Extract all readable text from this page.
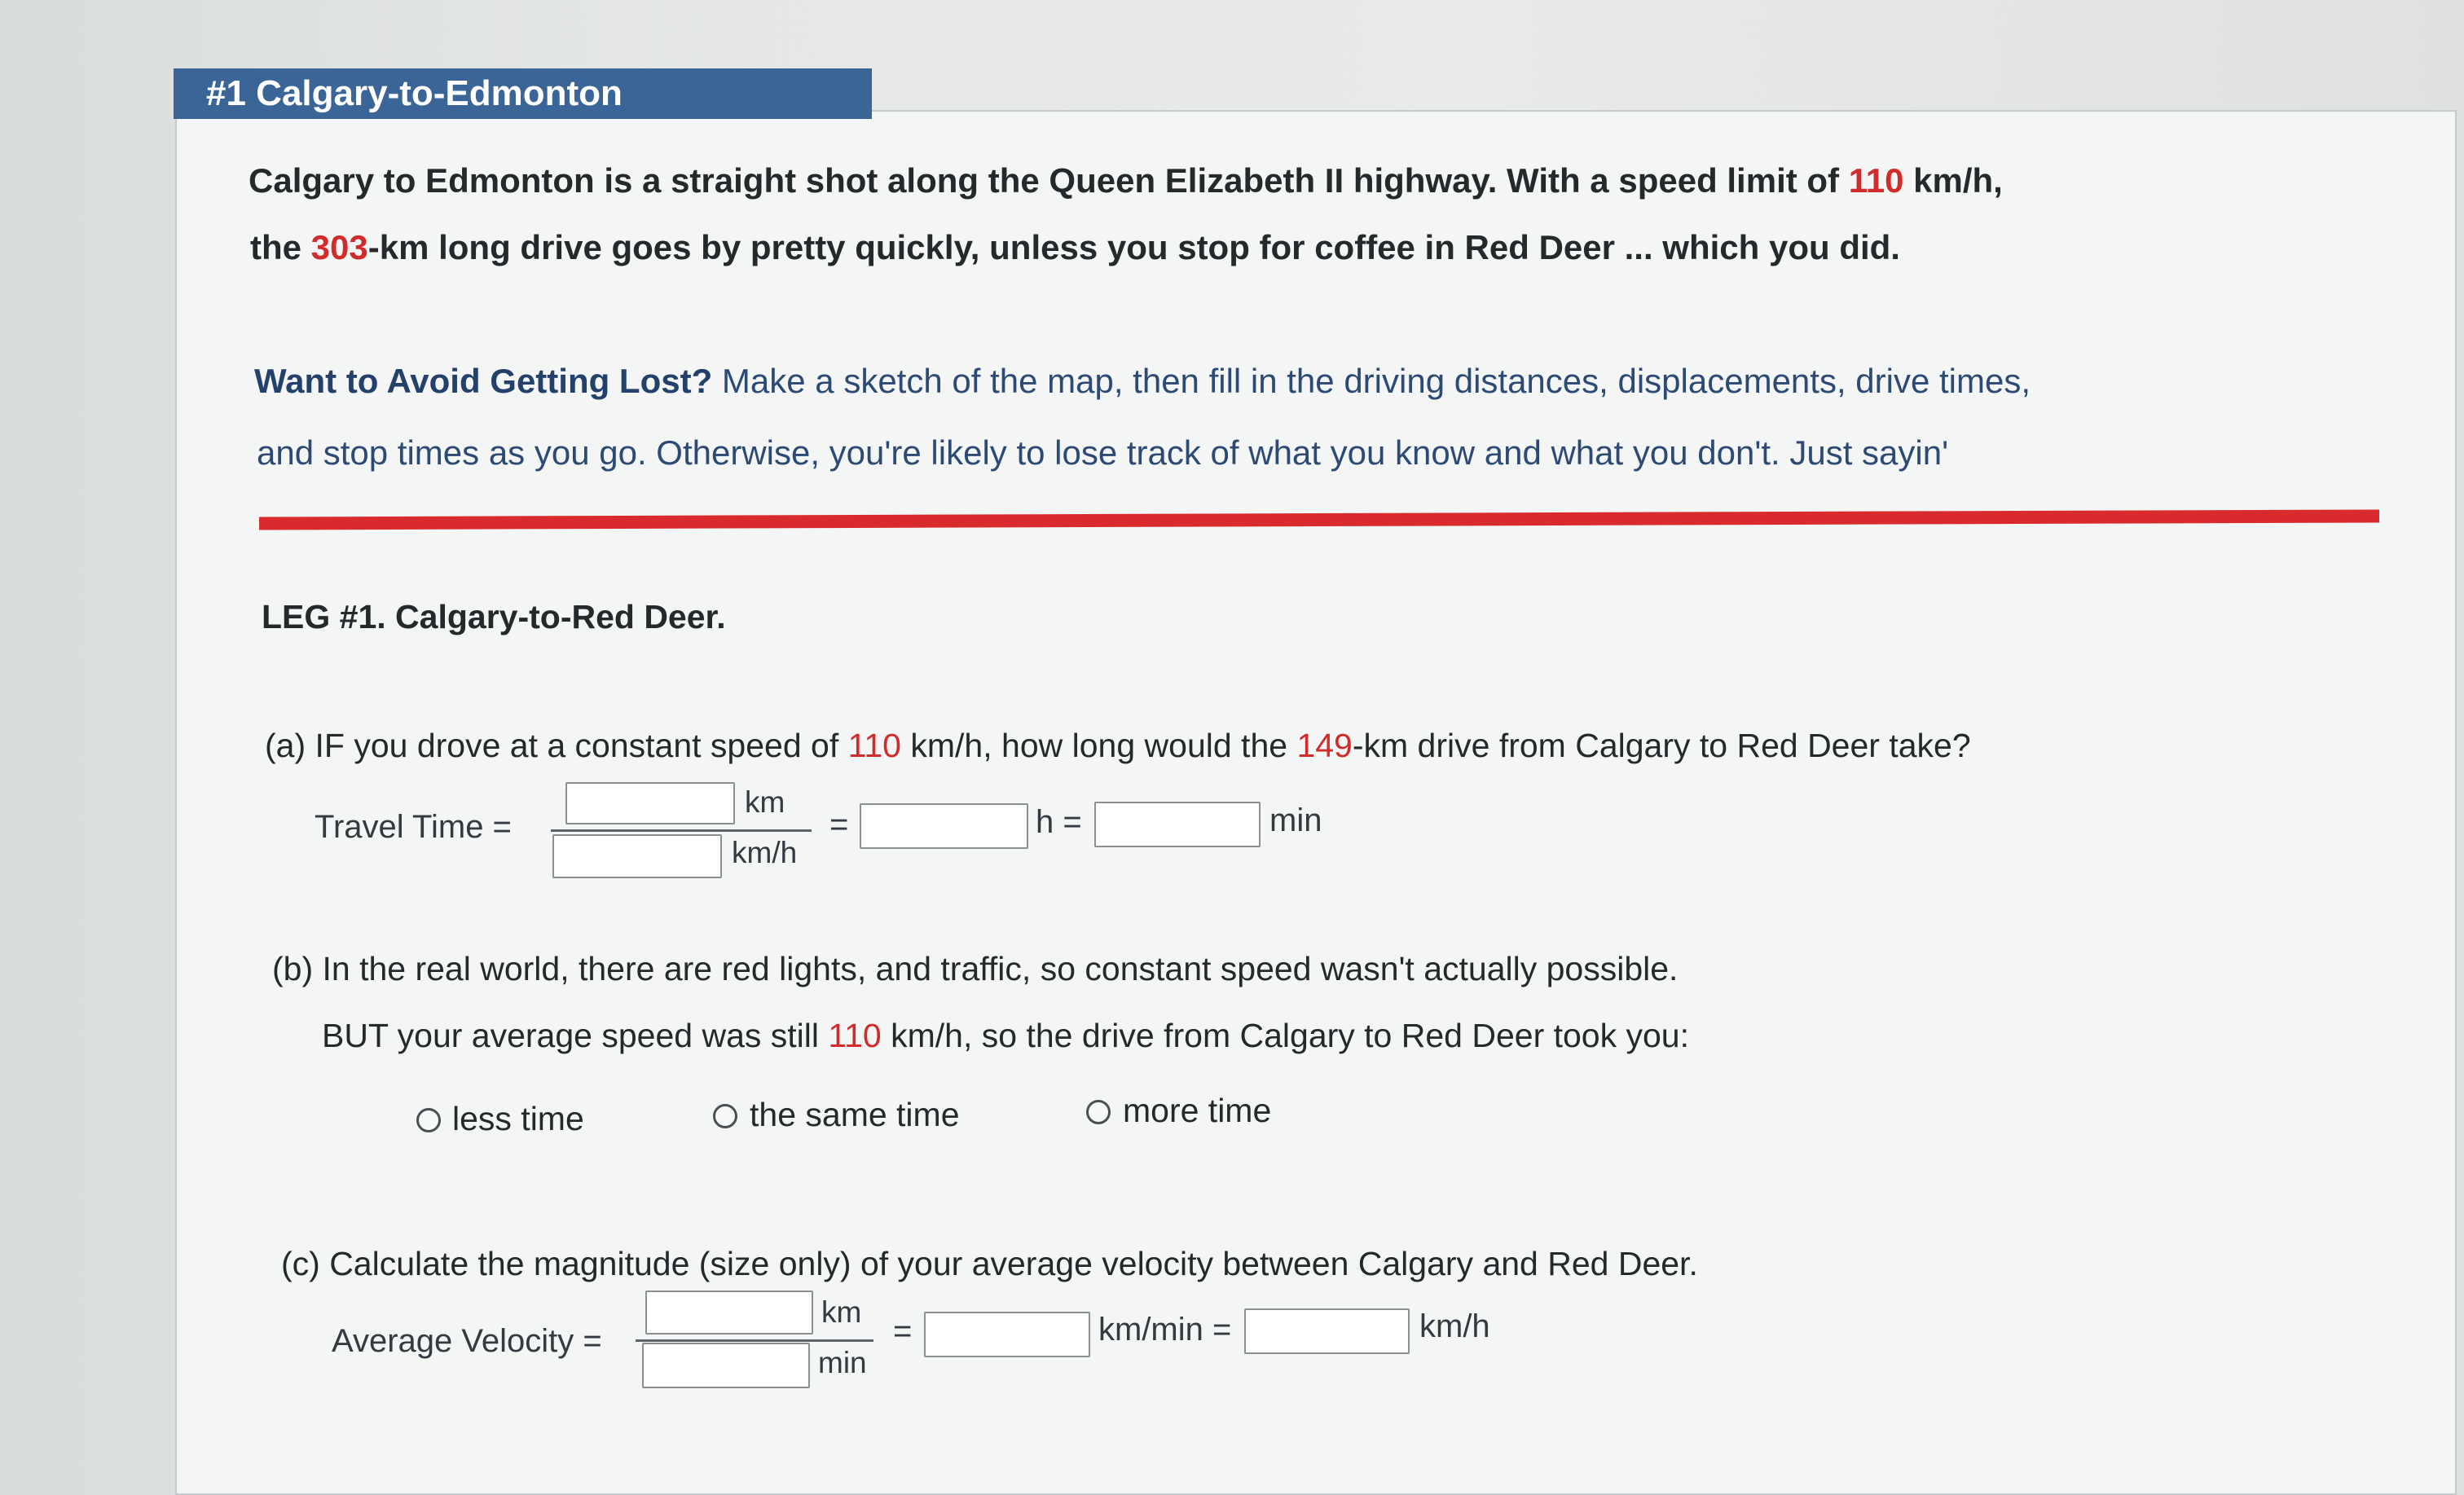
#1 Calgary-to-Edmonton
Calgary to Edmonton is a straight shot along the Queen Elizabeth II highway. With a speed limit of 110 km/h,
the 303-km long drive goes by pretty quickly, unless you stop for coffee in Red Deer ... which you did.
Want to Avoid Getting Lost? Make a sketch of the map, then fill in the driving distances, displacements, drive times,
and stop times as you go. Otherwise, you're likely to lose track of what you know and what you don't. Just sayin'
LEG #1. Calgary-to-Red Deer.
(a) IF you drove at a constant speed of 110 km/h, how long would the 149-km drive from Calgary to Red Deer take?
Travel Time =
km
km/h
=	h =	min
(b) In the real world, there are red lights, and traffic, so constant speed wasn't actually possible.
BUT your average speed was still 110 km/h, so the drive from Calgary to Red Deer took you:
less time	the same time	more time
(c) Calculate the magnitude (size only) of your average velocity between Calgary and Red Deer.
Average Velocity =
km
min
=	km/min =	km/h
